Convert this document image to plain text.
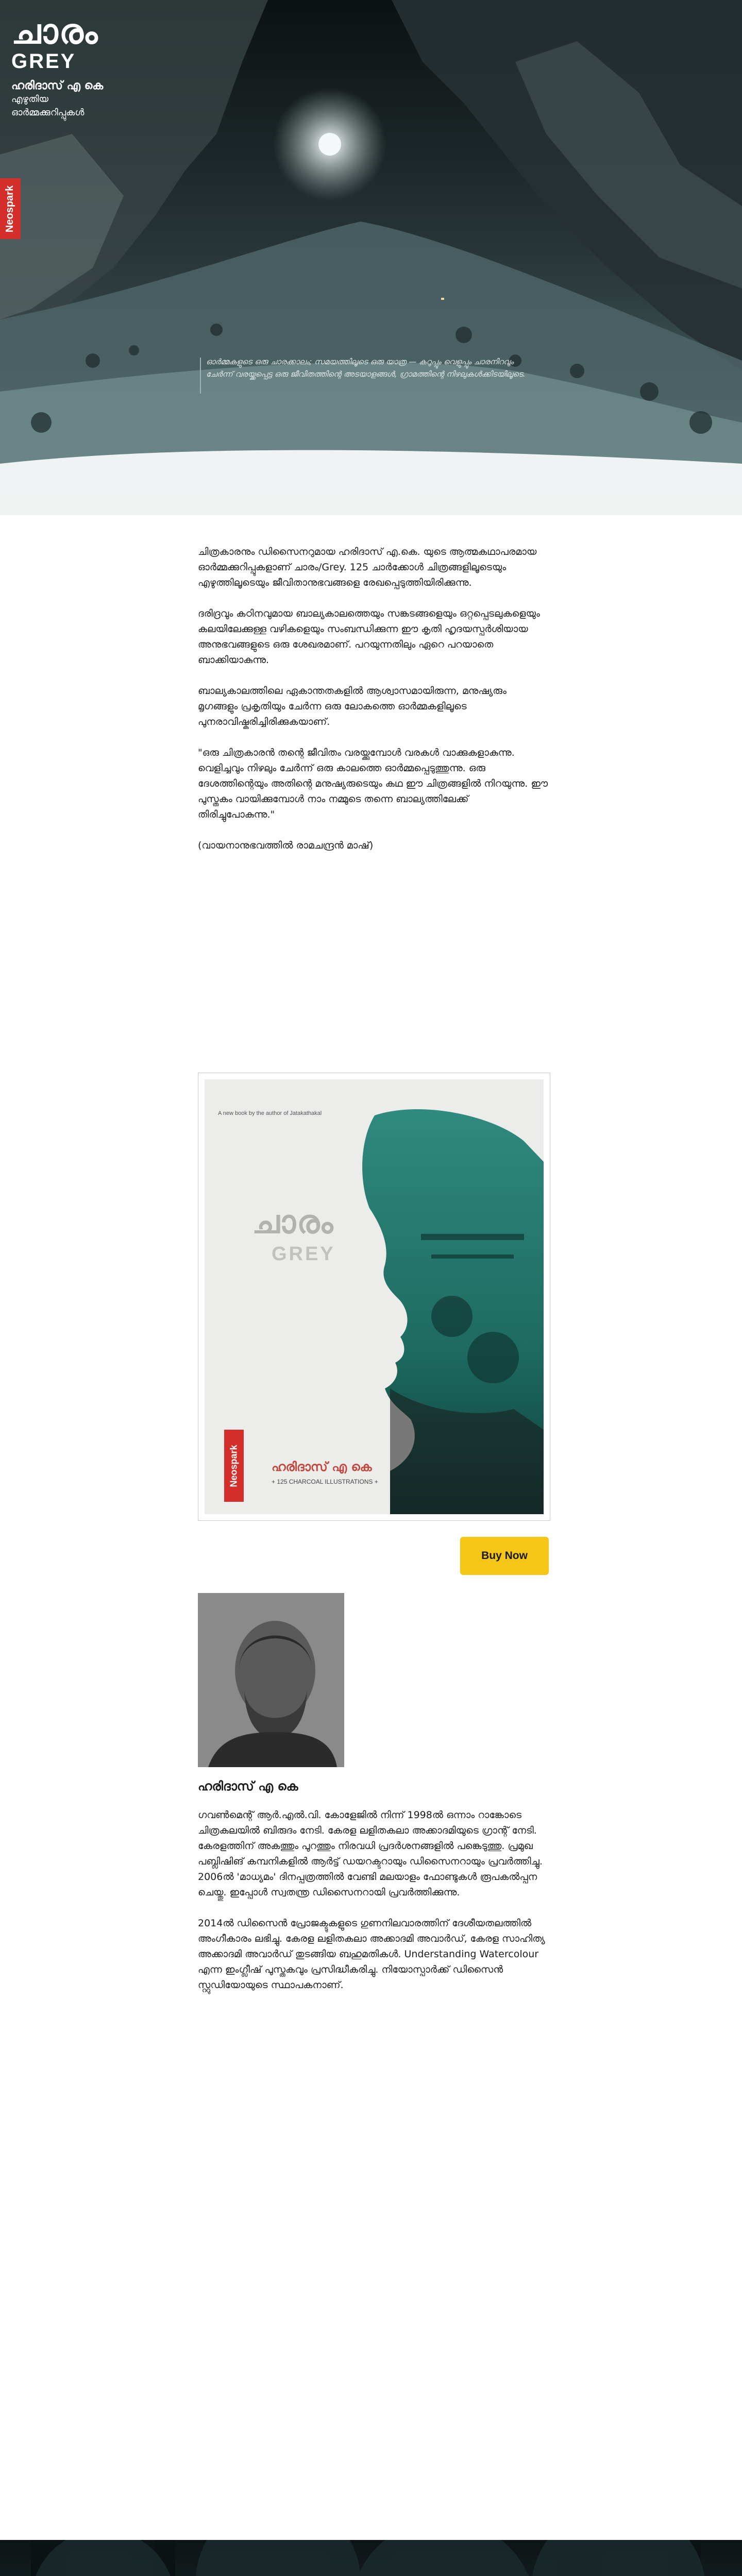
ചാരം
GREY
ഹരിദാസ് എ കെ
എഴുതിയ
ഓർമ്മക്കുറിപ്പുകൾ
Neospark
ഓർമ്മകളുടെ ഒരു ചാരക്കാലം; സമയത്തിലൂടെ ഒരു യാത്ര — കറുപ്പും വെളുപ്പും ചാരനിറവും ചേർന്ന് വരയ്ക്കപ്പെട്ട ഒരു ജീവിതത്തിന്റെ അടയാളങ്ങൾ, ഗ്രാമത്തിന്റെ നിഴലുകൾക്കിടയിലൂടെ.

ചിത്രകാരനും ഡിസൈനറുമായ ഹരിദാസ് എ.കെ. യുടെ ആത്മകഥാപരമായ ഓർമ്മക്കുറിപ്പുകളാണ് ചാരം/Grey. 125 ചാർക്കോൾ ചിത്രങ്ങളിലൂടെയും എഴുത്തിലൂടെയും ജീവിതാനുഭവങ്ങളെ രേഖപ്പെടുത്തിയിരിക്കുന്നു.

ദരിദ്രവും കഠിനവുമായ ബാല്യകാലത്തെയും സങ്കടങ്ങളെയും ഒറ്റപ്പെടലുകളെയും കലയിലേക്കുള്ള വഴികളെയും സംബന്ധിക്കുന്ന ഈ കൃതി ഹൃദയസ്പർശിയായ അനുഭവങ്ങളുടെ ഒരു ശേഖരമാണ്. പറയുന്നതിലും ഏറെ പറയാതെ ബാക്കിയാകുന്നു.

ബാല്യകാലത്തിലെ ഏകാന്തതകളിൽ ആശ്വാസമായിരുന്ന, മനുഷ്യരും മൃഗങ്ങളും പ്രകൃതിയും ചേർന്ന ഒരു ലോകത്തെ ഓർമ്മകളിലൂടെ പുനരാവിഷ്കരിച്ചിരിക്കുകയാണ്.

"ഒരു ചിത്രകാരൻ തന്റെ ജീവിതം വരയ്ക്കുമ്പോൾ വരകൾ വാക്കുകളാകുന്നു. വെളിച്ചവും നിഴലും ചേർന്ന് ഒരു കാലത്തെ ഓർമ്മപ്പെടുത്തുന്നു. ഒരു ദേശത്തിന്റെയും അതിന്റെ മനുഷ്യരുടെയും കഥ ഈ ചിത്രങ്ങളിൽ നിറയുന്നു. ഈ പുസ്തകം വായിക്കുമ്പോൾ നാം നമ്മുടെ തന്നെ ബാല്യത്തിലേക്ക് തിരിച്ചുപോകുന്നു."

(വായനാനുഭവത്തിൽ രാമചന്ദ്രൻ മാഷ്)

A new book by the author of Jatakathakal
ചാരം
GREY
Neospark	ഹരിദാസ് എ കെ
+ 125 CHARCOAL ILLUSTRATIONS +
Buy Now
ഹരിദാസ് എ കെ

ഗവൺമെന്റ് ആർ.എൽ.വി. കോളേജിൽ നിന്ന് 1998ൽ ഒന്നാം റാങ്കോടെ ചിത്രകലയിൽ ബിരുദം നേടി. കേരള ലളിതകലാ അക്കാദമിയുടെ ഗ്രാന്റ് നേടി. കേരളത്തിന് അകത്തും പുറത്തും നിരവധി പ്രദർശനങ്ങളിൽ പങ്കെടുത്തു. പ്രമുഖ പബ്ലിഷിങ് കമ്പനികളിൽ ആർട്ട് ഡയറക്ടറായും ഡിസൈനറായും പ്രവർത്തിച്ചു. 2006ൽ 'മാധ്യമം' ദിനപ്പത്രത്തിൽ വേണ്ടി മലയാളം ഫോണ്ടുകൾ രൂപകൽപ്പന ചെയ്തു. ഇപ്പോൾ സ്വതന്ത്ര ഡിസൈനറായി പ്രവർത്തിക്കുന്നു.

2014ൽ ഡിസൈൻ പ്രോജക്ടുകളുടെ ഗുണനിലവാരത്തിന് ദേശീയതലത്തിൽ അംഗീകാരം ലഭിച്ചു. കേരള ലളിതകലാ അക്കാദമി അവാർഡ്, കേരള സാഹിത്യ അക്കാദമി അവാർഡ് തുടങ്ങിയ ബഹുമതികൾ. Understanding Watercolour എന്ന ഇംഗ്ലീഷ് പുസ്തകവും പ്രസിദ്ധീകരിച്ചു. നിയോസ്പാർക്ക് ഡിസൈൻ സ്റ്റുഡിയോയുടെ സ്ഥാപകനാണ്.
